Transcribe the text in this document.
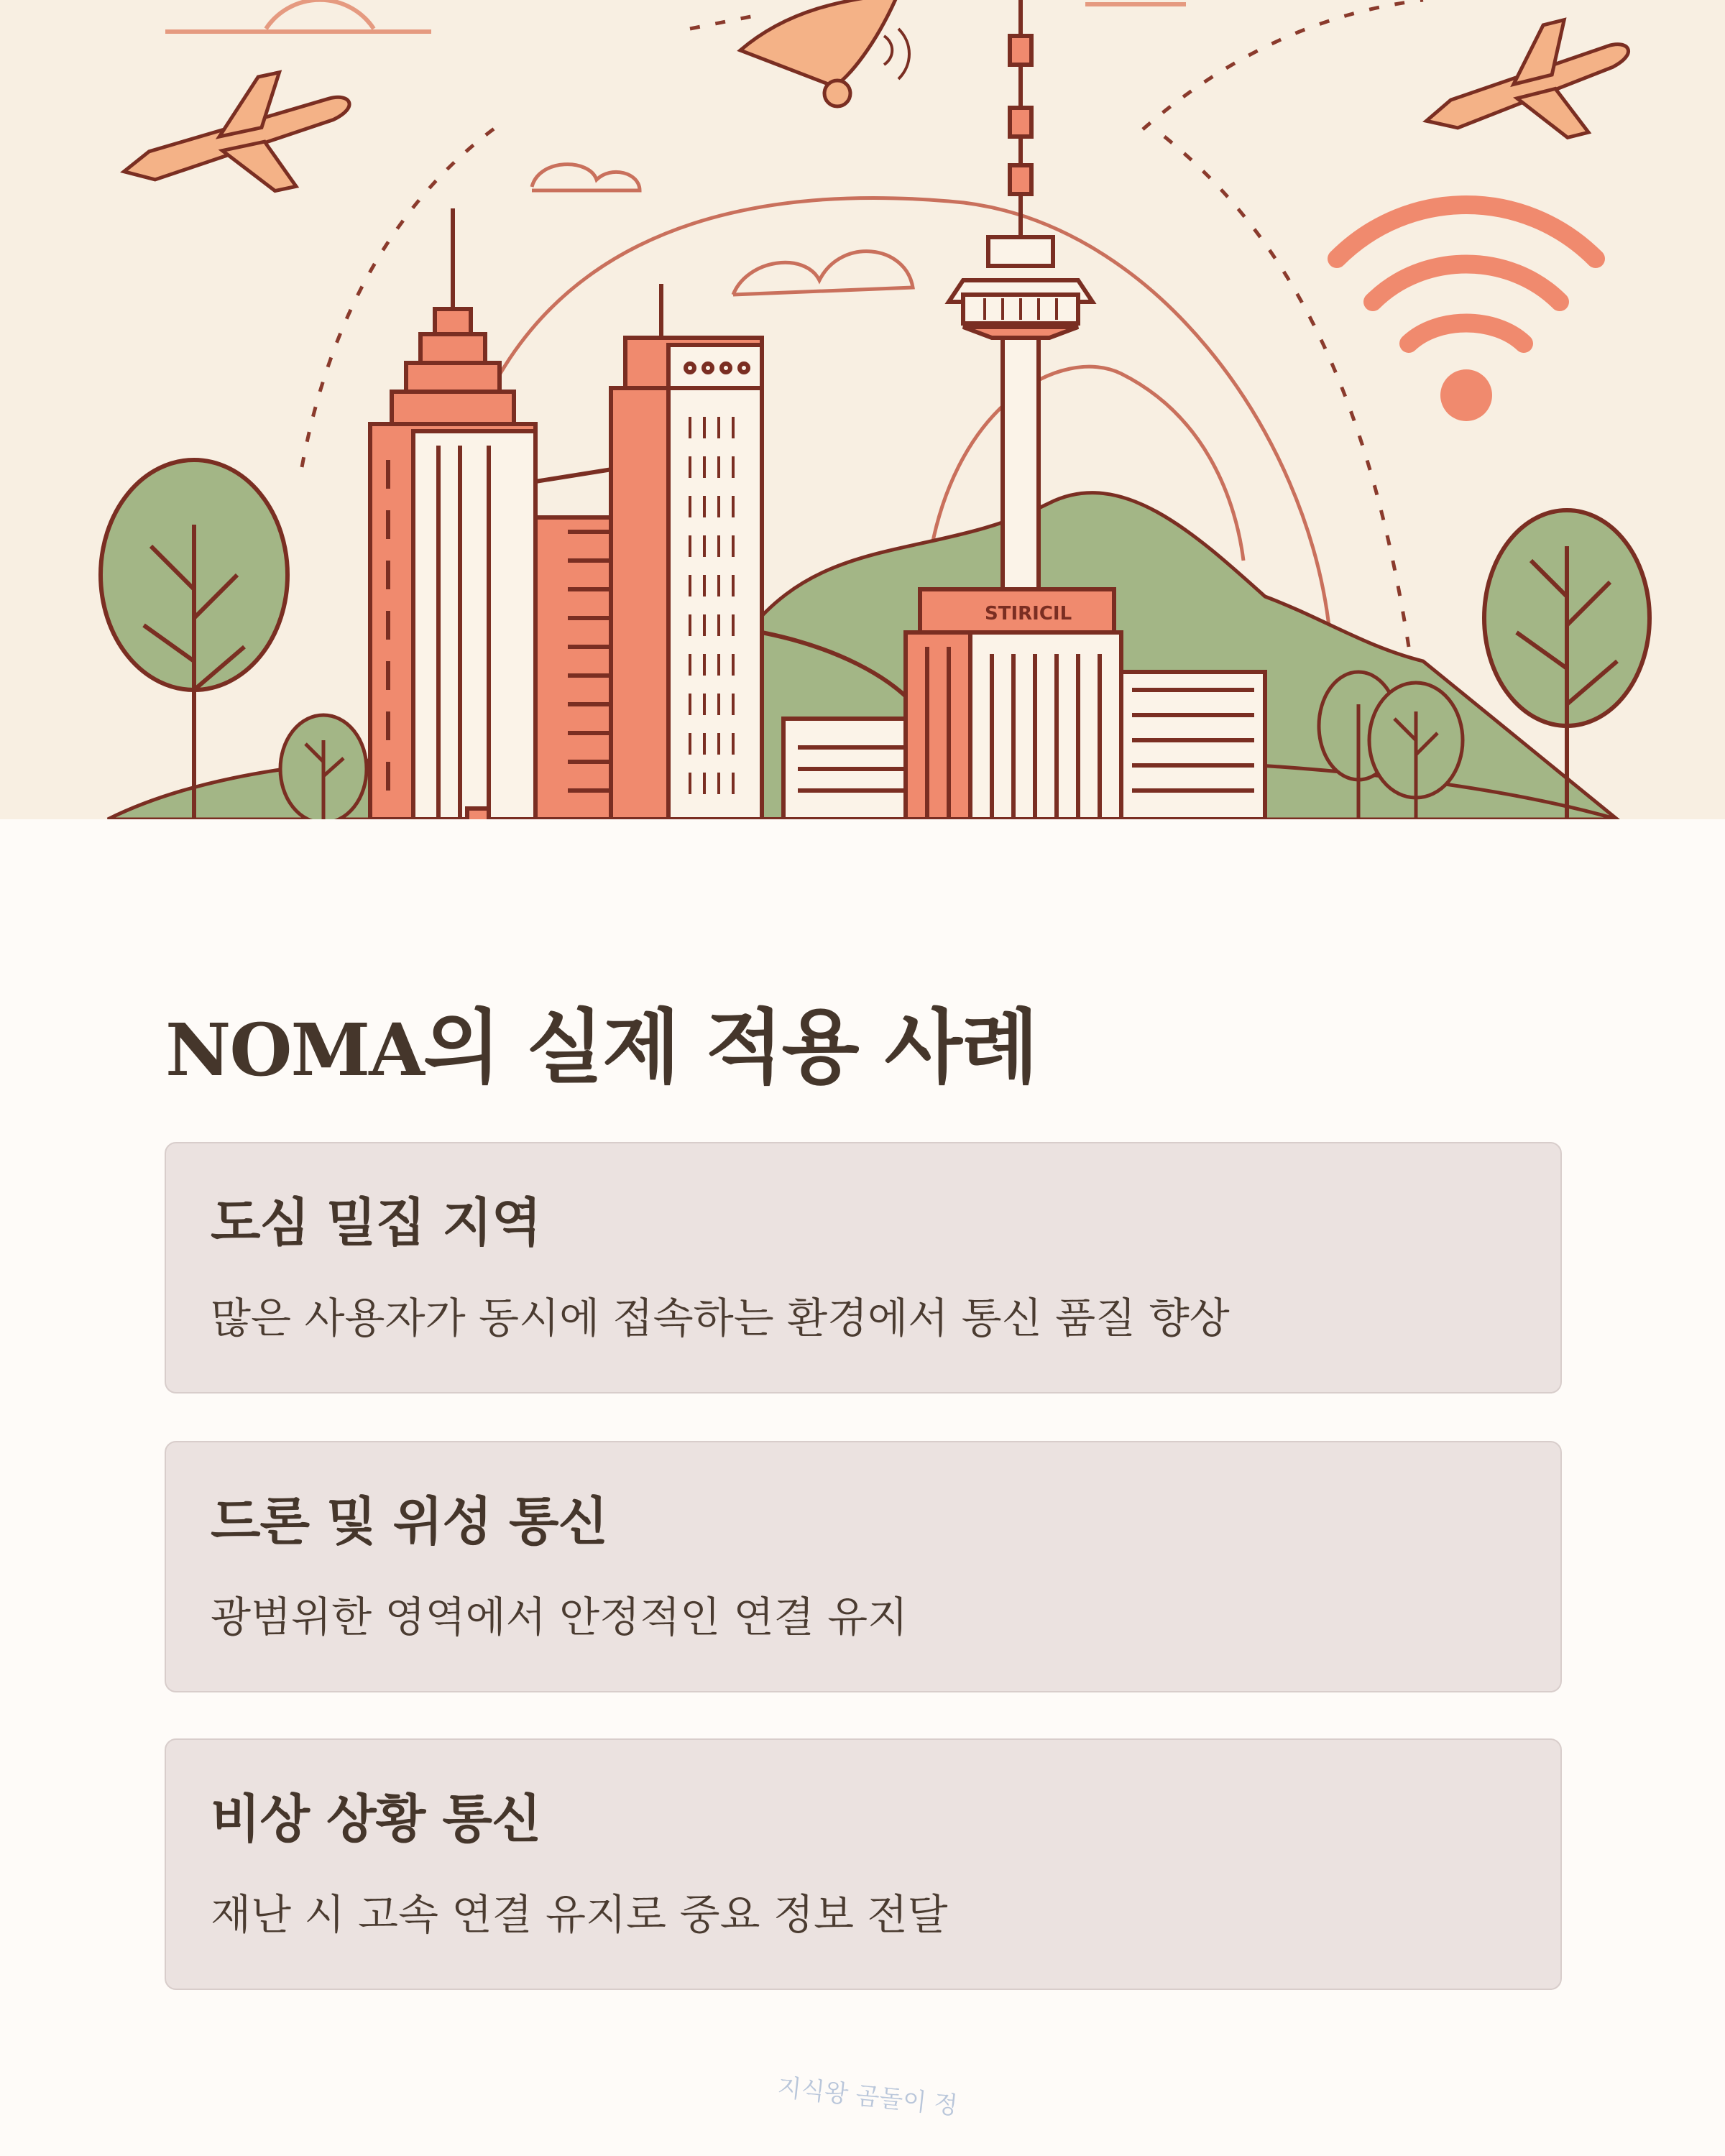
STIRICIL
NOMA의 실제 적용 사례
도심 밀집 지역

많은 사용자가 동시에 접속하는 환경에서 통신 품질 향상

드론 및 위성 통신

광범위한 영역에서 안정적인 연결 유지

비상 상황 통신

재난 시 고속 연결 유지로 중요 정보 전달

지식왕 곰돌이 정
